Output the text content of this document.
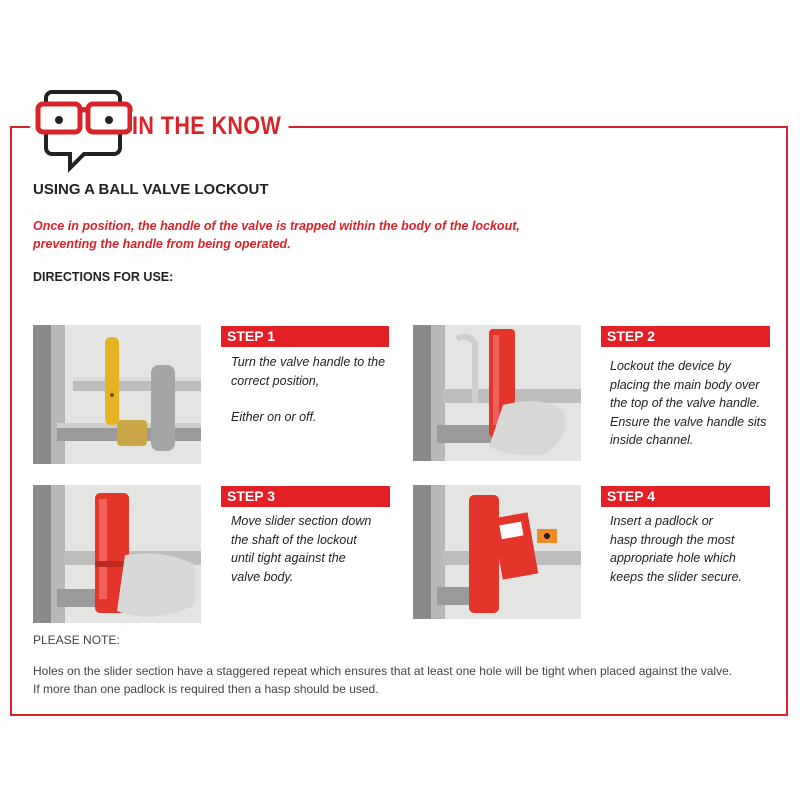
IN THE KNOW
USING A BALL VALVE LOCKOUT
Once in position, the handle of the valve is trapped within the body of the lockout,
preventing the handle from being operated.
DIRECTIONS FOR USE:
STEP 1

Turn the valve handle to the

correct position,

Either on or off.

STEP 2

Lockout the device by

placing the main body over

the top of the valve handle.

Ensure the valve handle sits

inside channel.

STEP 3

Move slider section down

the shaft of the lockout

until tight against the

valve body.

STEP 4

Insert a padlock or

hasp through the most

appropriate hole which

keeps the slider secure.

PLEASE NOTE:

Holes on the slider section have a staggered repeat which ensures that at least one hole will be tight when placed against the valve.

If more than one padlock is required then a hasp should be used.
